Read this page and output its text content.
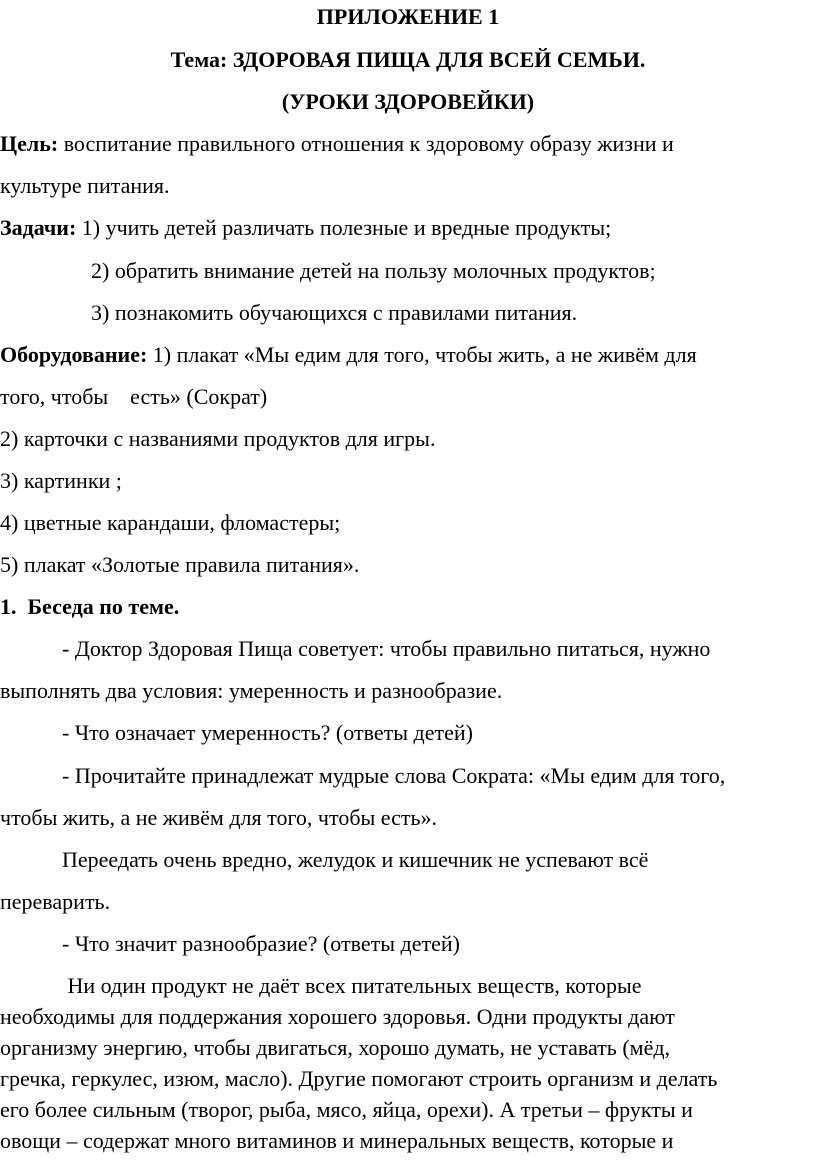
ПРИЛОЖЕНИЕ 1
Тема: ЗДОРОВАЯ ПИЩА ДЛЯ ВСЕЙ СЕМЬИ.
(УРОКИ ЗДОРОВЕЙКИ)
Цель: воспитание правильного отношения к здоровому образу жизни и
культуре питания.
Задачи: 1) учить детей различать полезные и вредные продукты;
2) обратить внимание детей на пользу молочных продуктов;
3) познакомить обучающихся с правилами питания.
Оборудование: 1) плакат «Мы едим для того, чтобы жить, а не живём для
того, чтобы    есть» (Сократ)
2) карточки с названиями продуктов для игры.
3) картинки ;
4) цветные карандаши, фломастеры;
5) плакат «Золотые правила питания».
1.  Беседа по теме.
- Доктор Здоровая Пища советует: чтобы правильно питаться, нужно
выполнять два условия: умеренность и разнообразие.
- Что означает умеренность? (ответы детей)
- Прочитайте принадлежат мудрые слова Сократа: «Мы едим для того,
чтобы жить, а не живём для того, чтобы есть».
Переедать очень вредно, желудок и кишечник не успевают всё
переварить.
- Что значит разнообразие? (ответы детей)
Ни один продукт не даёт всех питательных веществ, которые
необходимы для поддержания хорошего здоровья. Одни продукты дают
организму энергию, чтобы двигаться, хорошо думать, не уставать (мёд,
гречка, геркулес, изюм, масло). Другие помогают строить организм и делать
его более сильным (творог, рыба, мясо, яйца, орехи). А третьи – фрукты и
овощи – содержат много витаминов и минеральных веществ, которые и
